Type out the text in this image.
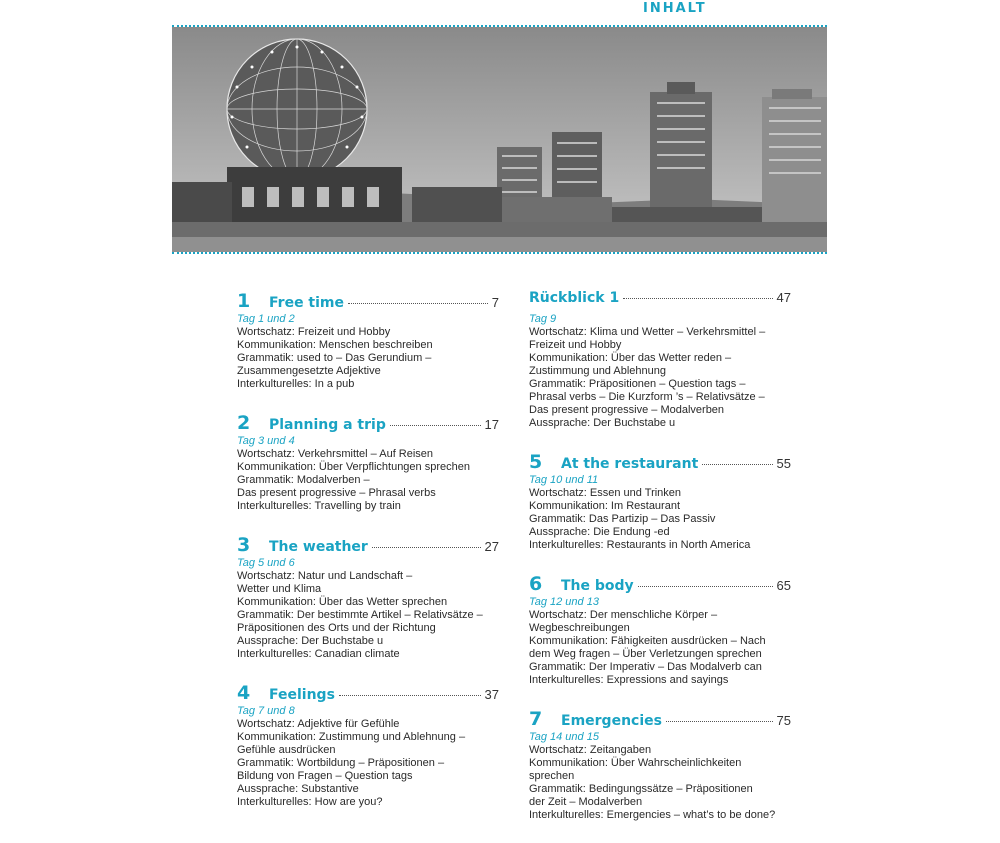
INHALT
1	Free time	7
Tag 1 und 2
Wortschatz: Freizeit und Hobby
Kommunikation: Menschen beschreiben
Grammatik: used to – Das Gerundium –
Zusammengesetzte Adjektive
Interkulturelles: In a pub
2	Planning a trip	17
Tag 3 und 4
Wortschatz: Verkehrsmittel – Auf Reisen
Kommunikation: Über Verpflichtungen sprechen
Grammatik: Modalverben –
Das present progressive – Phrasal verbs
Interkulturelles: Travelling by train
3	The weather	27
Tag 5 und 6
Wortschatz: Natur und Landschaft –
Wetter und Klima
Kommunikation: Über das Wetter sprechen
Grammatik: Der bestimmte Artikel – Relativsätze –
Präpositionen des Orts und der Richtung
Aussprache: Der Buchstabe u
Interkulturelles: Canadian climate
4	Feelings	37
Tag 7 und 8
Wortschatz: Adjektive für Gefühle
Kommunikation: Zustimmung und Ablehnung –
Gefühle ausdrücken
Grammatik: Wortbildung – Präpositionen –
Bildung von Fragen – Question tags
Aussprache: Substantive
Interkulturelles: How are you?
Rückblick 1	47
Tag 9
Wortschatz: Klima und Wetter – Verkehrsmittel –
Freizeit und Hobby
Kommunikation: Über das Wetter reden –
Zustimmung und Ablehnung
Grammatik: Präpositionen – Question tags –
Phrasal verbs – Die Kurzform ’s – Relativsätze –
Das present progressive – Modalverben
Aussprache: Der Buchstabe u
5	At the restaurant	55
Tag 10 und 11
Wortschatz: Essen und Trinken
Kommunikation: Im Restaurant
Grammatik: Das Partizip – Das Passiv
Aussprache: Die Endung -ed
Interkulturelles: Restaurants in North America
6	The body	65
Tag 12 und 13
Wortschatz: Der menschliche Körper –
Wegbeschreibungen
Kommunikation: Fähigkeiten ausdrücken – Nach
dem Weg fragen – Über Verletzungen sprechen
Grammatik: Der Imperativ – Das Modalverb can
Interkulturelles: Expressions and sayings
7	Emergencies	75
Tag 14 und 15
Wortschatz: Zeitangaben
Kommunikation: Über Wahrscheinlichkeiten
sprechen
Grammatik: Bedingungssätze – Präpositionen
der Zeit – Modalverben
Interkulturelles: Emergencies – what’s to be done?
